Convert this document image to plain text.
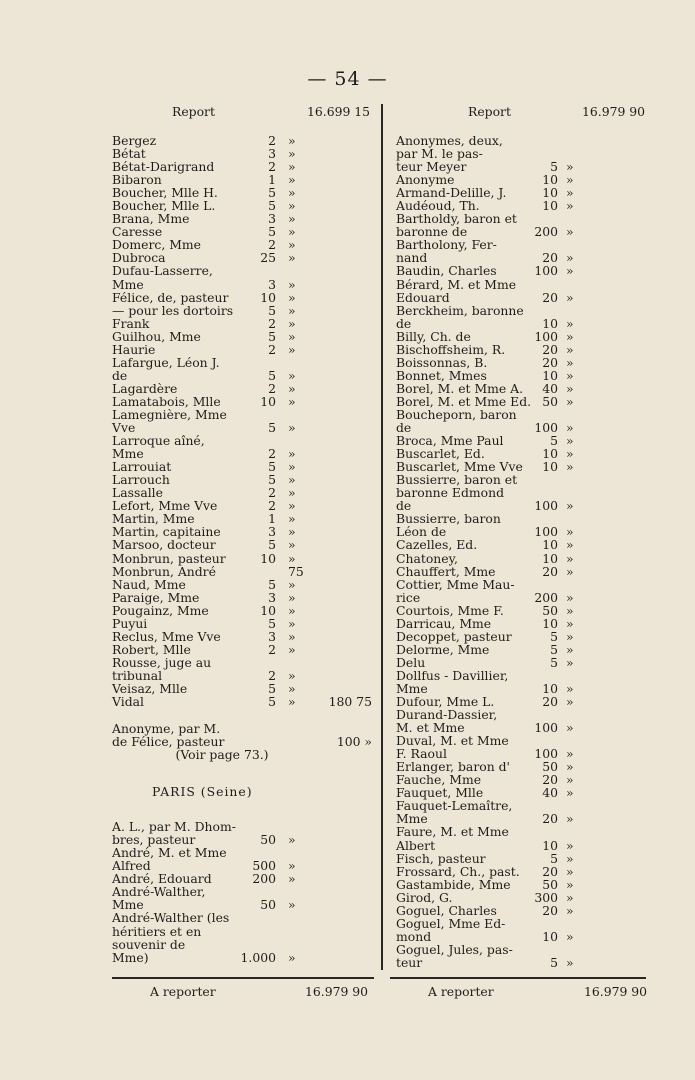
— 54 —
Report	16.699 15
Bergez	2 »
Bétat	3 »
Bétat-Darigrand	2 »
Bibaron	1 »
Boucher, Mlle H.	5 »
Boucher, Mlle L.	5 »
Brana, Mme	3 »
Caresse	5 »
Domerc, Mme	2 »
Dubroca	25 »
Dufau-Lasserre,
Mme	3 »
Félice, de, pasteur	10 »
— pour les dortoirs	5 »
Frank	2 »
Guilhou, Mme	5 »
Haurie	2 »
Lafargue, Léon J.
de	5 »
Lagardère	2 »
Lamatabois, Mlle	10 »
Lamegnière, Mme
Vve	5 »
Larroque aîné,
Mme	2 »
Larrouiat	5 »
Larrouch	5 »
Lassalle	2 »
Lefort, Mme Vve	2 »
Martin, Mme	1 »
Martin, capitaine	3 »
Marsoo, docteur	5 »
Monbrun, pasteur	10 »
Monbrun, André	75
Naud, Mme	5 »
Paraige, Mme	3 »
Pougainz, Mme	10 »
Puyui	5 »
Reclus, Mme Vve	3 »
Robert, Mlle	2 »
Rousse, juge au
tribunal	2 »
Veisaz, Mlle	5 »
Vidal	5 »	180 75
Anonyme, par M.
de Félice, pasteur	100 »
(Voir page 73.)
PARIS (Seine)
A. L., par M. Dhom-
bres, pasteur	50 »
André, M. et Mme
Alfred	500 »
André, Edouard	200 »
André-Walther,
Mme	50 »
André-Walther (les
héritiers et en
souvenir de
Mme)	1.000 »
Report	16.979 90
Anonymes, deux,
par M. le pas-
teur Meyer	5 »
Anonyme	10 »
Armand-Delille, J.	10 »
Audéoud, Th.	10 »
Bartholdy, baron et
baronne de	200 »
Bartholony, Fer-
nand	20 »
Baudin, Charles	100 »
Bérard, M. et Mme
Edouard	20 »
Berckheim, baronne
de	10 »
Billy, Ch. de	100 »
Bischoffsheim, R.	20 »
Boissonnas, B.	20 »
Bonnet, Mmes	10 »
Borel, M. et Mme A.	40 »
Borel, M. et Mme Ed. 50 »
Boucheporn, baron
de	100 »
Broca, Mme Paul	5 »
Buscarlet, Ed.	10 »
Buscarlet, Mme Vve	10 »
Bussierre, baron et
baronne Edmond
de	100 »
Bussierre, baron
Léon de	100 »
Cazelles, Ed.	10 »
Chatoney,	10 »
Chauffert, Mme	20 »
Cottier, Mme Mau-
rice	200 »
Courtois, Mme F.	50 »
Darricau, Mme	10 »
Decoppet, pasteur	5 »
Delorme, Mme	5 »
Delu	5 »
Dollfus - Davillier,
Mme	10 »
Dufour, Mme L.	20 »
Durand-Dassier,
M. et Mme	100 »
Duval, M. et Mme
F. Raoul	100 »
Erlanger, baron d'	50 »
Fauche, Mme	20 »
Fauquet, Mlle	40 »
Fauquet-Lemaître,
Mme	20 »
Faure, M. et Mme
Albert	10 »
Fisch, pasteur	5 »
Frossard, Ch., past.	20 »
Gastambide, Mme	50 »
Girod, G.	300 »
Goguel, Charles	20 »
Goguel, Mme Ed-
mond	10 »
Goguel, Jules, pas-
teur	5 »
A reporter	16.979 90	A reporter	16.979 90
